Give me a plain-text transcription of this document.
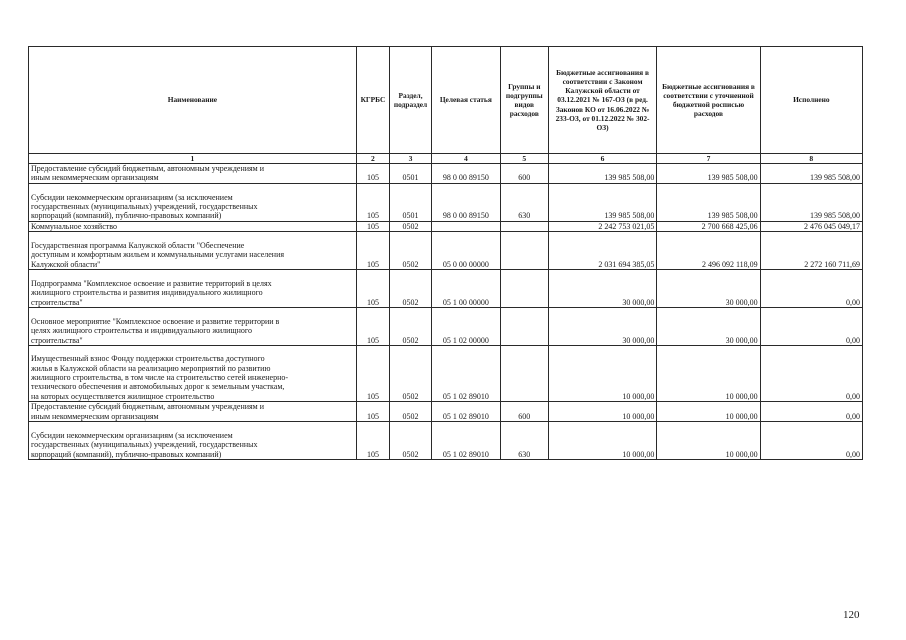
Наименование	КГРБС	Раздел, подраздел	Целевая статья	Группы и подгруппы видов расходов	Бюджетные ассигнования в соответствии с Законом Калужской области от 03.12.2021 № 167-ОЗ (в ред. Законов КО от 16.06.2022 № 233-ОЗ, от 01.12.2022 № 302-ОЗ)	Бюджетные ассигнования в соответствии с уточненной бюджетной росписью расходов	Исполнено
1	2	3	4	5	6	7	8
Предоставление субсидий бюджетным, автономным учреждениям и
иным некоммерческим организациям	105	0501	98 0 00 89150	600	139 985 508,00	139 985 508,00	139 985 508,00
Субсидии некоммерческим организациям (за исключением
государственных (муниципальных) учреждений, государственных
корпораций (компаний), публично-правовых компаний)	105	0501	98 0 00 89150	630	139 985 508,00	139 985 508,00	139 985 508,00
Коммунальное хозяйство	105	0502			2 242 753 021,05	2 700 668 425,06	2 476 045 049,17
Государственная программа Калужской области "Обеспечение
доступным и комфортным жильем и коммунальными услугами населения
Калужской области"	105	0502	05 0 00 00000		2 031 694 385,05	2 496 092 118,09	2 272 160 711,69
Подпрограмма "Комплексное освоение и развитие территорий в целях
жилищного строительства и развития индивидуального жилищного
строительства"	105	0502	05 1 00 00000		30 000,00	30 000,00	0,00
Основное мероприятие "Комплексное освоение и развитие территории в
целях жилищного строительства и индивидуального жилищного
строительства"	105	0502	05 1 02 00000		30 000,00	30 000,00	0,00
Имущественный взнос Фонду поддержки строительства доступного
жилья в Калужской области на реализацию мероприятий по развитию
жилищного строительства, в том числе на строительство сетей инженерно-
технического обеспечения и автомобильных дорог к земельным участкам,
на которых осуществляется жилищное строительство	105	0502	05 1 02 89010		10 000,00	10 000,00	0,00
Предоставление субсидий бюджетным, автономным учреждениям и
иным некоммерческим организациям	105	0502	05 1 02 89010	600	10 000,00	10 000,00	0,00
Субсидии некоммерческим организациям (за исключением
государственных (муниципальных) учреждений, государственных
корпораций (компаний), публично-правовых компаний)	105	0502	05 1 02 89010	630	10 000,00	10 000,00	0,00
120
